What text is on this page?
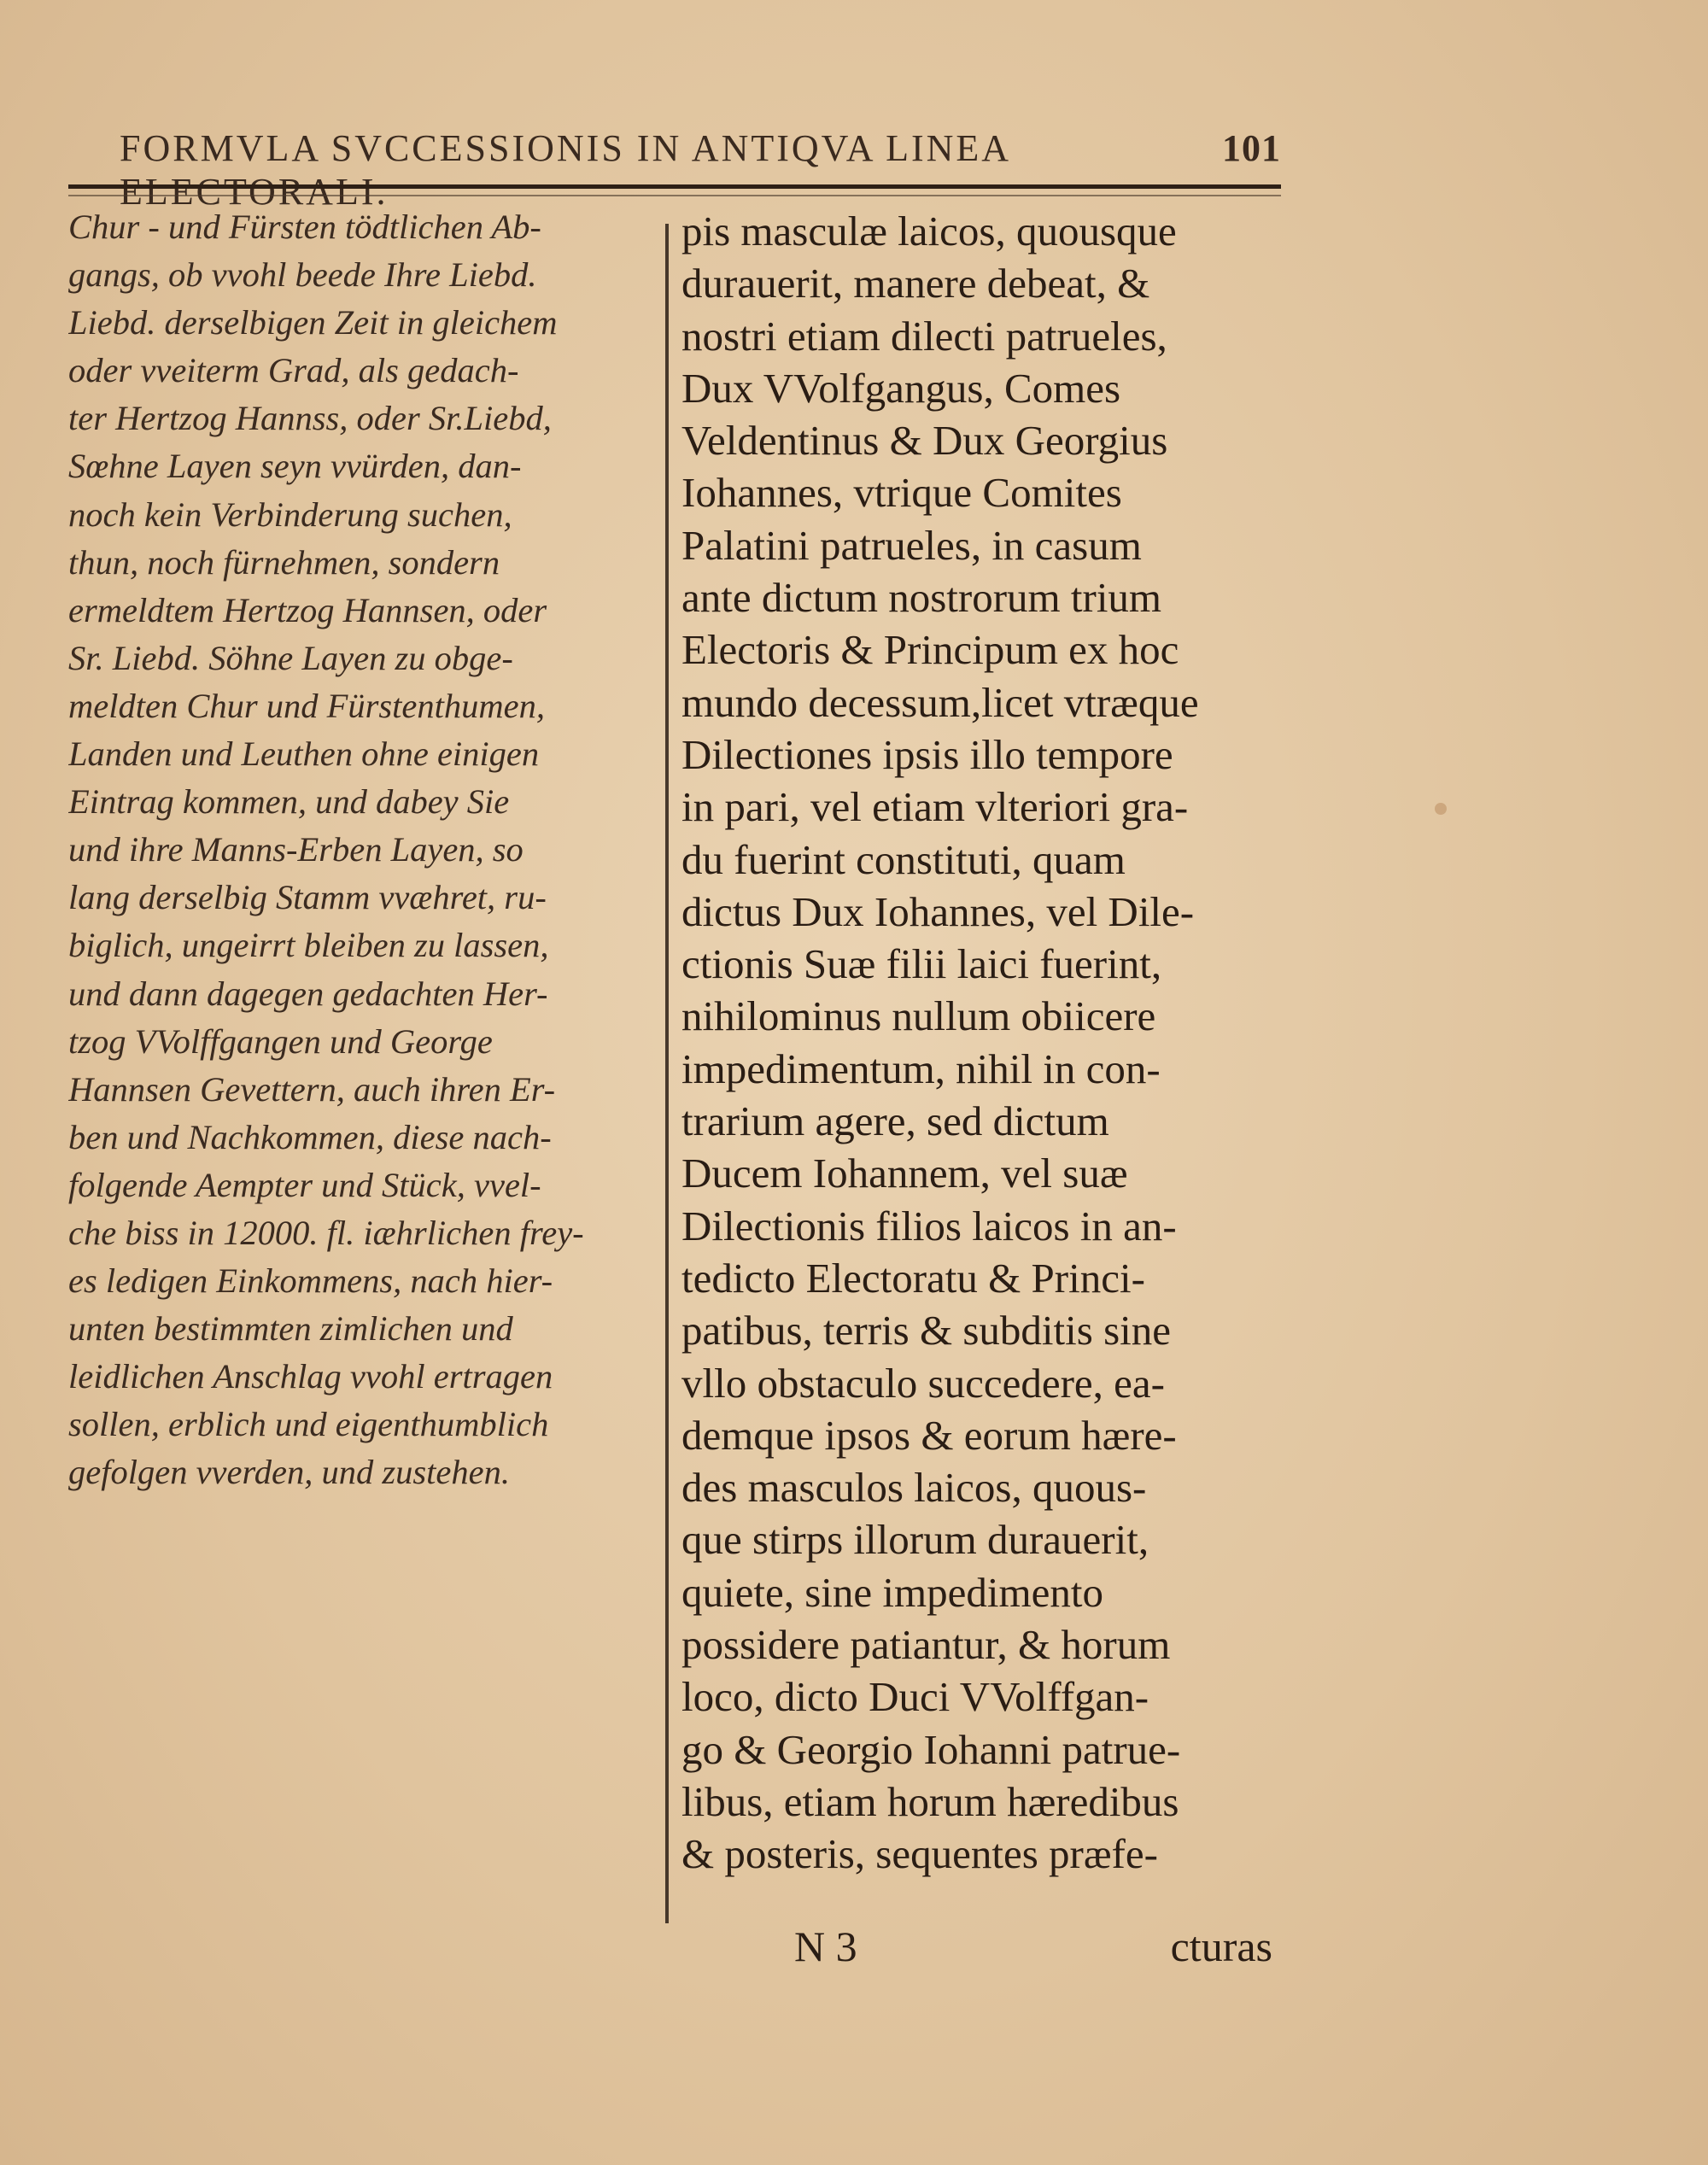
FORMVLA SVCCESSIONIS IN ANTIQVA LINEA ELECTORALI.
101
Chur - und Fürsten tödtlichen Ab-
gangs, ob vvohl beede Ihre Liebd.
Liebd. derselbigen Zeit in gleichem
oder vveiterm Grad, als gedach-
ter Hertzog Hannss, oder Sr.Liebd,
Sœhne Layen seyn vvürden, dan-
noch kein Verbinderung suchen,
thun, noch fürnehmen, sondern
ermeldtem Hertzog Hannsen, oder
Sr. Liebd. Söhne Layen zu obge-
meldten Chur und Fürstenthumen,
Landen und Leuthen ohne einigen
Eintrag kommen, und dabey Sie
und ihre Manns-Erben Layen, so
lang derselbig Stamm vvæhret, ru-
biglich, ungeirrt bleiben zu lassen,
und dann dagegen gedachten Her-
tzog VVolffgangen und George
Hannsen Gevettern, auch ihren Er-
ben und Nachkommen, diese nach-
folgende Aempter und Stück, vvel-
che biss in 12000. fl. iæhrlichen frey-
es ledigen Einkommens, nach hier-
unten bestimmten zimlichen und
leidlichen Anschlag vvohl ertragen
sollen, erblich und eigenthumblich
gefolgen vverden, und zustehen.
pis masculæ laicos, quousque
durauerit, manere debeat, &
nostri etiam dilecti patrueles,
Dux VVolfgangus, Comes
Veldentinus & Dux Georgius
Iohannes, vtrique Comites
Palatini patrueles, in casum
ante dictum nostrorum trium
Electoris & Principum ex hoc
mundo decessum,licet vtræque
Dilectiones ipsis illo tempore
in pari, vel etiam vlteriori gra-
du fuerint constituti, quam
dictus Dux Iohannes, vel Dile-
ctionis Suæ filii laici fuerint,
nihilominus nullum obiicere
impedimentum, nihil in con-
trarium agere, sed dictum
Ducem Iohannem, vel suæ
Dilectionis filios laicos in an-
tedicto Electoratu & Princi-
patibus, terris & subditis sine
vllo obstaculo succedere, ea-
demque ipsos & eorum hære-
des masculos laicos, quous-
que stirps illorum durauerit,
quiete, sine impedimento
possidere patiantur, & horum
loco, dicto Duci VVolffgan-
go & Georgio Iohanni patrue-
libus, etiam horum hæredibus
& posteris, sequentes præfe-
N 3	cturas
